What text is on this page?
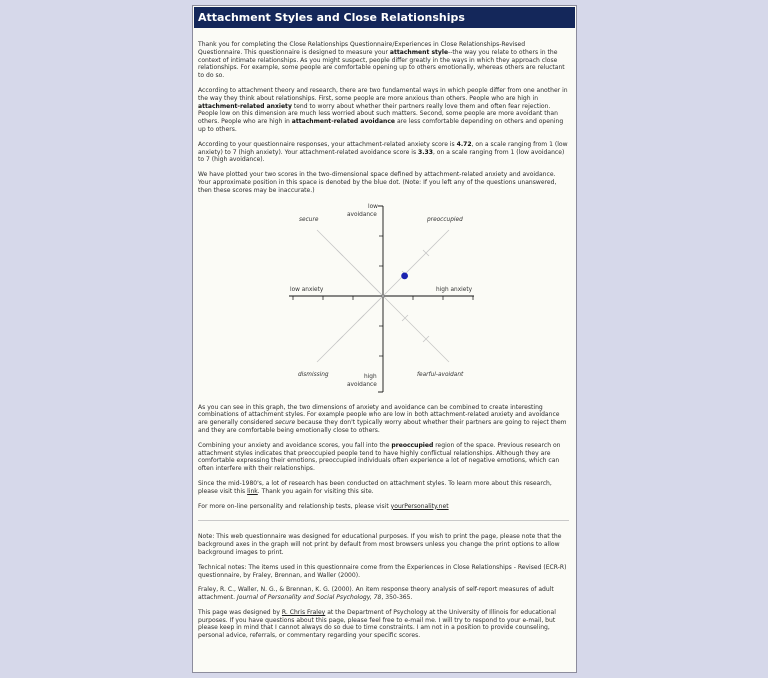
Attachment Styles and Close Relationships

Thank you for completing the Close Relationships Questionnaire/Experiences in Close Relationships-Revised Questionnaire. This questionnaire is designed to measure your attachment style--the way you relate to others in the context of intimate relationships. As you might suspect, people differ greatly in the ways in which they approach close relationships. For example, some people are comfortable opening up to others emotionally, whereas others are reluctant to do so.

According to attachment theory and research, there are two fundamental ways in which people differ from one another in the way they think about relationships. First, some people are more anxious than others. People who are high in attachment-related anxiety tend to worry about whether their partners really love them and often fear rejection. People low on this dimension are much less worried about such matters. Second, some people are more avoidant than others. People who are high in attachment-related avoidance are less comfortable depending on others and opening up to others.

According to your questionnaire responses, your attachment-related anxiety score is 4.72, on a scale ranging from 1 (low anxiety) to 7 (high anxiety). Your attachment-related avoidance score is 3.33, on a scale ranging from 1 (low avoidance) to 7 (high avoidance).

We have plotted your two scores in the two-dimensional space defined by attachment-related anxiety and avoidance. Your approximate position in this space is denoted by the blue dot. (Note: If you left any of the questions unanswered, then these scores may be inaccurate.)

low
avoidance
secure	preoccupied
low anxiety	high anxiety
dismissing	high
avoidance
fearful-avoidant

As you can see in this graph, the two dimensions of anxiety and avoidance can be combined to create interesting combinations of attachment styles. For example people who are low in both attachment-related anxiety and avoidance are generally considered secure because they don't typically worry about whether their partners are going to reject them and they are comfortable being emotionally close to others.

Combining your anxiety and avoidance scores, you fall into the preoccupied region of the space. Previous research on attachment styles indicates that preoccupied people tend to have highly conflictual relationships. Although they are comfortable expressing their emotions, preoccupied individuals often experience a lot of negative emotions, which can often interfere with their relationships.

Since the mid-1980's, a lot of research has been conducted on attachment styles. To learn more about this research, please visit this link. Thank you again for visiting this site.

For more on-line personality and relationship tests, please visit yourPersonality.net

Note: This web questionnaire was designed for educational purposes. If you wish to print the page, please note that the background axes in the graph will not print by default from most browsers unless you change the print options to allow background images to print.

Technical notes: The items used in this questionnaire come from the Experiences in Close Relationships - Revised (ECR-R) questionnaire, by Fraley, Brennan, and Waller (2000).

Fraley, R. C., Waller, N. G., & Brennan, K. G. (2000). An item response theory analysis of self-report measures of adult attachment. Journal of Personality and Social Psychology, 78, 350-365.

This page was designed by R. Chris Fraley at the Department of Psychology at the University of Illinois for educational purposes. If you have questions about this page, please feel free to e-mail me. I will try to respond to your e-mail, but please keep in mind that I cannot always do so due to time constraints. I am not in a position to provide counseling, personal advice, referrals, or commentary regarding your specific scores.
